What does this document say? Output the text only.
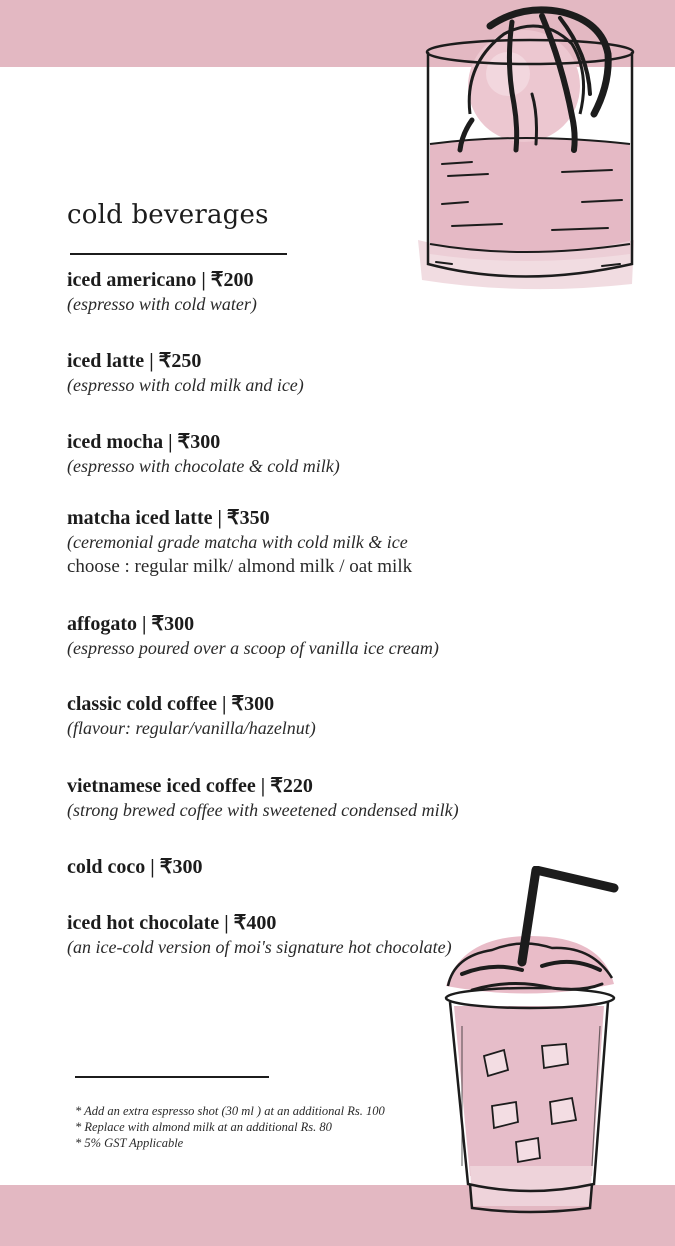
cold beverages
iced americano | ₹200
(espresso with cold water)
iced latte | ₹250
(espresso with cold milk and ice)
iced mocha | ₹300
(espresso with chocolate & cold milk)
matcha iced latte | ₹350
(ceremonial grade matcha with cold milk & ice
choose : regular milk/ almond milk / oat milk
affogato | ₹300
(espresso poured over a scoop of vanilla ice cream)
classic cold coffee | ₹300
(flavour: regular/vanilla/hazelnut)
vietnamese iced coffee | ₹220
(strong brewed coffee with sweetened condensed milk)
cold coco | ₹300
iced hot chocolate | ₹400
(an ice-cold version of moi's signature hot chocolate)
* Add an extra espresso shot (30 ml ) at an additional Rs. 100
* Replace with almond milk at an additional Rs. 80
* 5% GST Applicable
